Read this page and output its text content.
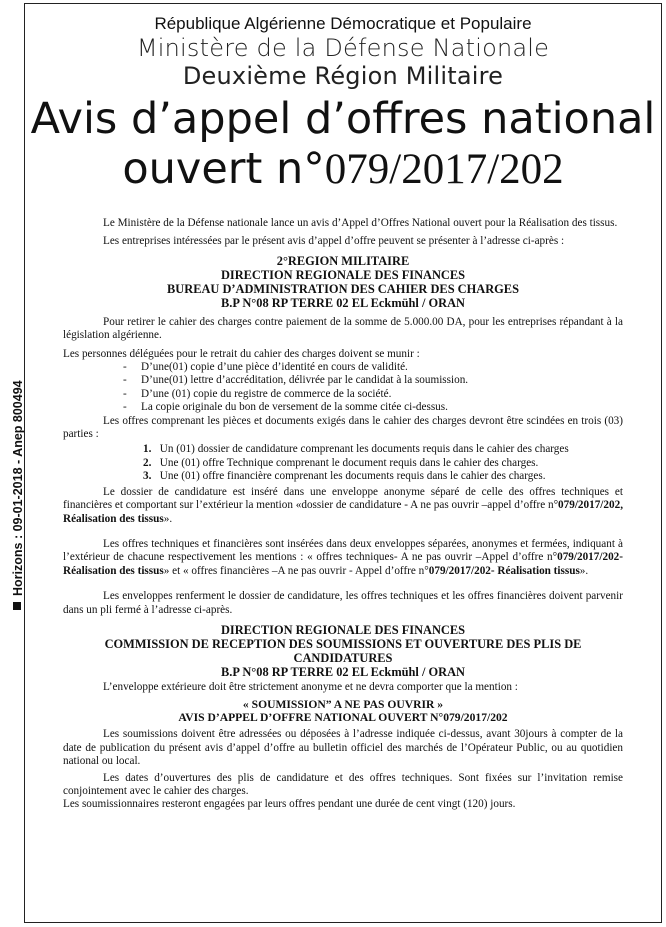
Horizons : 09-01-2018 - Anep 800494
République Algérienne Démocratique et Populaire
Ministère de la Défense Nationale
Deuxième Région Militaire
Avis d’appel d’offres national
ouvert n°079/2017/202

Le Ministère de la Défense nationale lance un avis d’Appel d’Offres National ouvert pour la Réalisation des tissus.

Les entreprises intéressées par le présent avis d’appel d’offre peuvent se présenter à l’adresse ci-après :

2°REGION MILITAIRE
DIRECTION REGIONALE DES FINANCES
BUREAU D’ADMINISTRATION DES CAHIER DES CHARGES
B.P N°08 RP TERRE 02 EL Eckmühl / ORAN

Pour retirer le cahier des charges contre paiement de la somme de 5.000.00 DA, pour les entreprises répandant à la législation algérienne.

Les personnes déléguées pour le retrait du cahier des charges doivent se munir :

- D’une(01) copie d’une pièce d’identité en cours de validité.
- D’une(01) lettre d’accréditation, délivrée par le candidat à la soumission.
- D’une (01) copie du registre de commerce de la société.
- La copie originale du bon de versement de la somme citée ci-dessus.

Les offres comprenant les pièces et documents exigés dans le cahier des charges devront être scindées en trois (03) parties :

1. Un (01) dossier de candidature comprenant les documents requis dans le cahier des charges
2. Une (01) offre Technique comprenant le document requis dans le cahier des charges.
3. Une (01) offre financière comprenant les documents requis dans le cahier des charges.

Le dossier de candidature est inséré dans une enveloppe anonyme séparé de celle des offres techniques et financières et comportant sur l’extérieur la mention «dossier de candidature - A ne pas ouvrir –appel d’offre n°079/2017/202, Réalisation des tissus».

Les offres techniques et financières sont insérées dans deux enveloppes séparées, anonymes et fermées, indiquant à l’extérieur de chacune respectivement les mentions : « offres techniques- A ne pas ouvrir –Appel d’offre n°079/2017/202-Réalisation des tissus» et « offres financières –A ne pas ouvrir - Appel d’offre n°079/2017/202- Réalisation tissus».

Les enveloppes renferment le dossier de candidature, les offres techniques et les offres financières doivent parvenir dans un pli fermé à l’adresse ci-après.

DIRECTION REGIONALE DES FINANCES
COMMISSION DE RECEPTION DES SOUMISSIONS ET OUVERTURE DES PLIS DE CANDIDATURES
B.P N°08 RP TERRE 02 EL Eckmühl / ORAN

L’enveloppe extérieure doit être strictement anonyme et ne devra comporter que la mention :

« SOUMISSION” A NE PAS OUVRIR »
AVIS D’APPEL D’OFFRE NATIONAL OUVERT N°079/2017/202

Les soumissions doivent être adressées ou déposées à l’adresse indiquée ci-dessus, avant 30jours à compter de la date de publication du présent avis d’appel d’offre au bulletin officiel des marchés de l’Opérateur Public, ou au quotidien national ou local.

Les dates d’ouvertures des plis de candidature et des offres techniques. Sont fixées sur l’invitation remise conjointement avec le cahier des charges.

Les soumissionnaires resteront engagées par leurs offres pendant une durée de cent vingt (120) jours.
